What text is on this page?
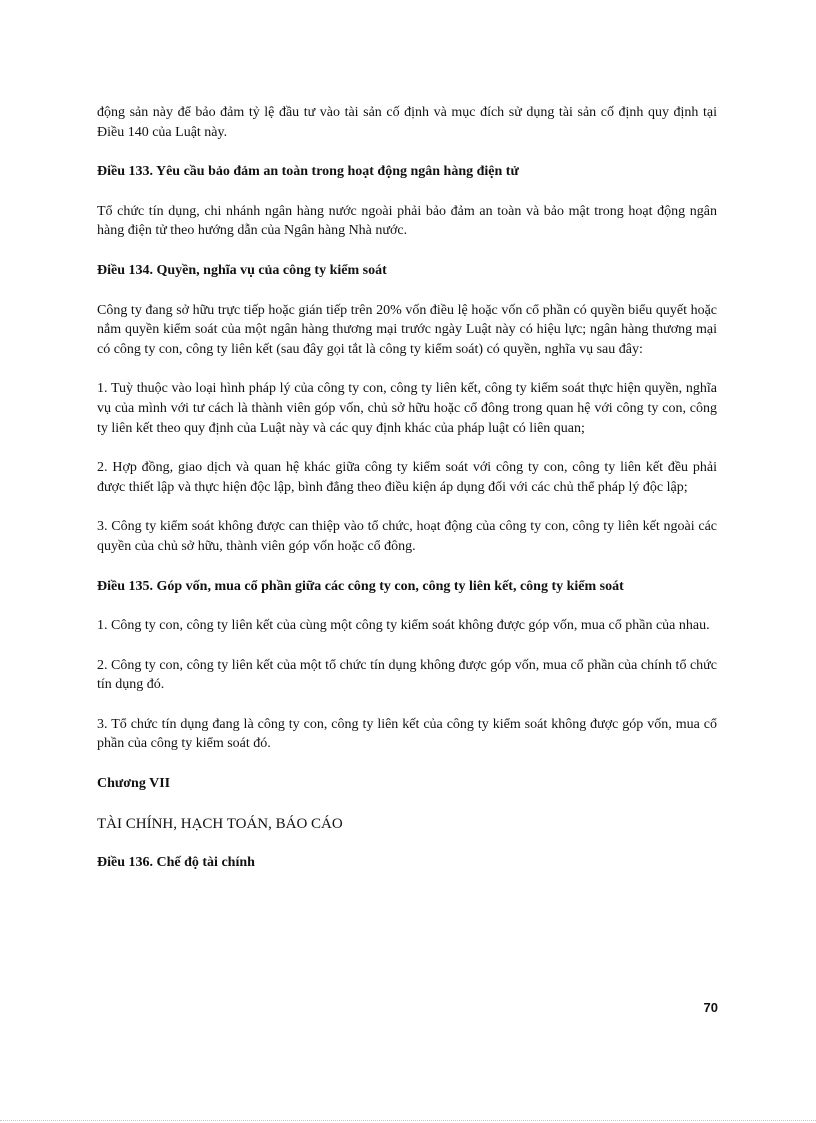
động sản này để bảo đảm tỷ lệ đầu tư vào tài sản cố định và mục đích sử dụng tài sản cố định quy định tại Điều 140 của Luật này.

Điều 133. Yêu cầu bảo đảm an toàn trong hoạt động ngân hàng điện tử

Tổ chức tín dụng, chi nhánh ngân hàng nước ngoài phải bảo đảm an toàn và bảo mật trong hoạt động ngân hàng điện tử theo hướng dẫn của Ngân hàng Nhà nước.

Điều 134. Quyền, nghĩa vụ của công ty kiểm soát

Công ty đang sở hữu trực tiếp hoặc gián tiếp trên 20% vốn điều lệ hoặc vốn cổ phần có quyền biểu quyết hoặc nắm quyền kiểm soát của một ngân hàng thương mại trước ngày Luật này có hiệu lực; ngân hàng thương mại có công ty con, công ty liên kết (sau đây gọi tắt là công ty kiểm soát) có quyền, nghĩa vụ sau đây:

1. Tuỳ thuộc vào loại hình pháp lý của công ty con, công ty liên kết, công ty kiểm soát thực hiện quyền, nghĩa vụ của mình với tư cách là thành viên góp vốn, chủ sở hữu hoặc cổ đông trong quan hệ với công ty con, công ty liên kết theo quy định của Luật này và các quy định khác của pháp luật có liên quan;

2. Hợp đồng, giao dịch và quan hệ khác giữa công ty kiểm soát với công ty con, công ty liên kết đều phải được thiết lập và thực hiện độc lập, bình đẳng theo điều kiện áp dụng đối với các chủ thể pháp lý độc lập;

3. Công ty kiểm soát không được can thiệp vào tổ chức, hoạt động của công ty con, công ty liên kết ngoài các quyền của chủ sở hữu, thành viên góp vốn hoặc cổ đông.

Điều 135. Góp vốn, mua cổ phần giữa các công ty con, công ty liên kết, công ty kiểm soát

1. Công ty con, công ty liên kết của cùng một công ty kiểm soát không được góp vốn, mua cổ phần của nhau.

2. Công ty con, công ty liên kết của một tổ chức tín dụng không được góp vốn, mua cổ phần của chính tổ chức tín dụng đó.

3. Tổ chức tín dụng đang là công ty con, công ty liên kết của công ty kiểm soát không được góp vốn, mua cổ phần của công ty kiểm soát đó.

Chương VII

TÀI CHÍNH, HẠCH TOÁN, BÁO CÁO

Điều 136. Chế độ tài chính

70
